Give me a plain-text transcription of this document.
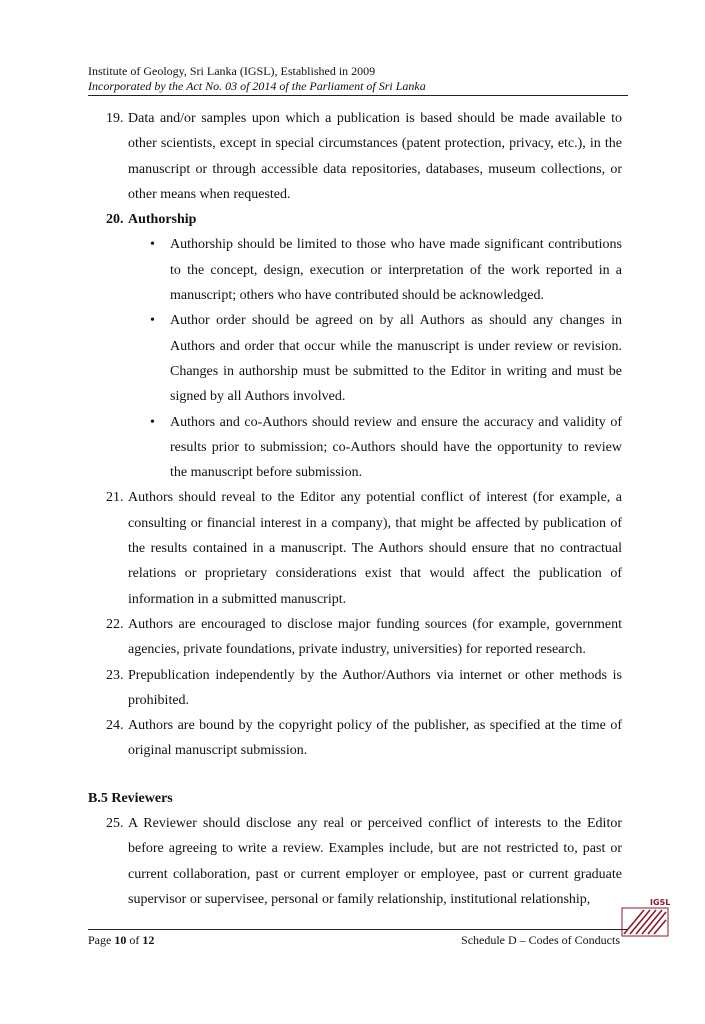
Institute of Geology, Sri Lanka (IGSL), Established in 2009
Incorporated by the Act No. 03 of 2014 of the Parliament of Sri Lanka
19. Data and/or samples upon which a publication is based should be made available to other scientists, except in special circumstances (patent protection, privacy, etc.), in the manuscript or through accessible data repositories, databases, museum collections, or other means when requested.
20. Authorship
• Authorship should be limited to those who have made significant contributions to the concept, design, execution or interpretation of the work reported in a manuscript; others who have contributed should be acknowledged.
• Author order should be agreed on by all Authors as should any changes in Authors and order that occur while the manuscript is under review or revision. Changes in authorship must be submitted to the Editor in writing and must be signed by all Authors involved.
• Authors and co-Authors should review and ensure the accuracy and validity of results prior to submission; co-Authors should have the opportunity to review the manuscript before submission.
21. Authors should reveal to the Editor any potential conflict of interest (for example, a consulting or financial interest in a company), that might be affected by publication of the results contained in a manuscript. The Authors should ensure that no contractual relations or proprietary considerations exist that would affect the publication of information in a submitted manuscript.
22. Authors are encouraged to disclose major funding sources (for example, government agencies, private foundations, private industry, universities) for reported research.
23. Prepublication independently by the Author/Authors via internet or other methods is prohibited.
24. Authors are bound by the copyright policy of the publisher, as specified at the time of original manuscript submission.
B.5 Reviewers
25. A Reviewer should disclose any real or perceived conflict of interests to the Editor before agreeing to write a review. Examples include, but are not restricted to, past or current collaboration, past or current employer or employee, past or current graduate supervisor or supervisee, personal or family relationship, institutional relationship,
Page 10 of 12	Schedule D – Codes of Conducts
IGSL
